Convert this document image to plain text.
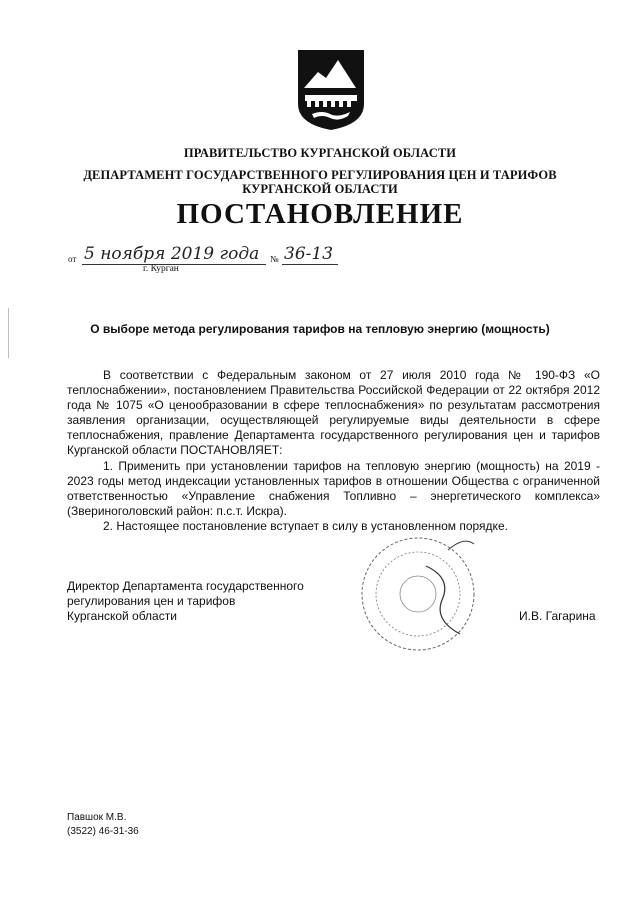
ПРАВИТЕЛЬСТВО КУРГАНСКОЙ ОБЛАСТИ
ДЕПАРТАМЕНТ ГОСУДАРСТВЕННОГО РЕГУЛИРОВАНИЯ ЦЕН И ТАРИФОВ
КУРГАНСКОЙ ОБЛАСТИ
ПОСТАНОВЛЕНИЕ
от 5 ноября 2019 года № 36-13
г. Курган
О выборе метода регулирования тарифов на тепловую энергию (мощность)

В соответствии с Федеральным законом от 27 июля 2010 года № 190-ФЗ «О теплоснабжении», постановлением Правительства Российской Федерации от 22 октября 2012 года № 1075 «О ценообразовании в сфере теплоснабжения» по результатам рассмотрения заявления организации, осуществляющей регулируемые виды деятельности в сфере теплоснабжения, правление Департамента государственного регулирования цен и тарифов Курганской области ПОСТАНОВЛЯЕТ:

1. Применить при установлении тарифов на тепловую энергию (мощность) на 2019 - 2023 годы метод индексации установленных тарифов в отношении Общества с ограниченной ответственностью «Управление снабжения Топливно – энергетического комплекса» (Звериноголовский район: п.с.т. Искра).

2. Настоящее постановление вступает в силу в установленном порядке.

Директор Департамента государственного
регулирования цен и тарифов
Курганской области	И.В. Гагарина
Павшок М.В.
(3522) 46-31-36
